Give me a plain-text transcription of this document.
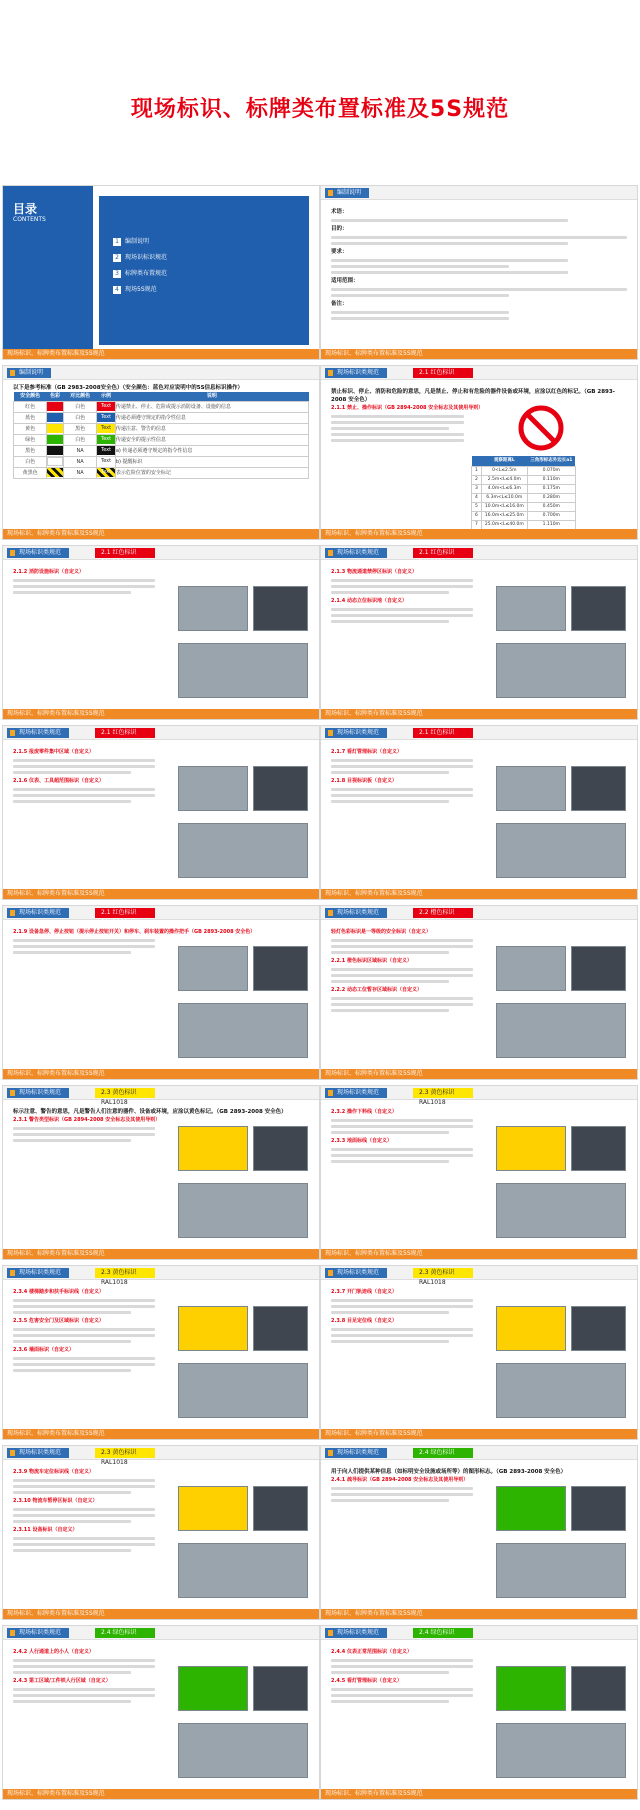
现场标识、标牌类布置标准及5S规范
目录
CONTENTS
1 编制说明
2 现场识标识规范
3 标牌类布置规范
4 现场5S规范
现场标识、标牌类布置标准及5S规范
编制说明
术语：
目的：
要求：
适用范围：
备注：
现场标识、标牌类布置标准及5S规范
编制说明
以下是参考标准（GB 2983-2008安全色）（安全颜色：蓝色对应说明中的5S信息标识操作）
安全颜色	色彩	对比颜色	示例	说明
红色		白色	Text	传递禁止、停止、危险或提示消防设备、设施的信息
蓝色		白色	Text	传递必须遵守规定的指令性信息
黄色		黑色	Text	传递注意、警告的信息
绿色		白色	Text	传递安全的提示性信息
黑色		NA	Text	a) 传递必须遵守规定的指令性信息
白色		NA	Text	b) 提醒标识
黄黑色		NA	Text	表示危险位置的安全标记
现场标识、标牌类布置标准及5S规范
现场标识类规范	2.1 红色标识 RAL3000
禁止标识、停止、消防和危险的意思，凡是禁止、停止和有危险的器件设备或环境，应涂以红色的标记。（GB 2893-2008 安全色）
2.1.1 禁止、操作标识（GB 2894-2008 安全标志及其使用导则）
	观察距离L	三角形标志外边长a1
1	0<L≤2.5m	0.070m
2	2.5m<L≤4.0m	0.110m
3	4.0m<L≤6.3m	0.175m
4	6.3m<L≤10.0m	0.280m
5	10.0m<L≤16.0m	0.450m
6	16.0m<L≤25.0m	0.700m
7	25.0m<L≤40.0m	1.110m
现场标识、标牌类布置标准及5S规范
现场标识类规范	2.1 红色标识 RAL3000
2.1.2 消防设施标识（自定义）
现场标识、标牌类布置标准及5S规范
现场标识类规范	2.1 红色标识 RAL3000
2.1.3 物流通道禁停区标识（自定义）
2.1.4 动态立位标识地（自定义）
现场标识、标牌类布置标准及5S规范
现场标识类规范	2.1 红色标识 RAL3000
2.1.5 报废零件集中区域（自定义）
2.1.6 仪表、工具超范围标识（自定义）
现场标识、标牌类布置标准及5S规范
现场标识类规范	2.1 红色标识 RAL3000
2.1.7 看灯管理标识（自定义）
2.1.8 目视标识板（自定义）
现场标识、标牌类布置标准及5S规范
现场标识类规范	2.1 红色标识 RAL3000
2.1.9 设备急停、停止按钮（提示停止按钮开关）和停车、刹车装置的操作把手（GB 2893-2008 安全色）
现场标识、标牌类布置标准及5S规范
现场标识类规范	2.2 橙色标识 RAL2000
轻灯色彩标识是一等级的安全标识（自定义）
2.2.1 橙色标识区域标识（自定义）
2.2.2 动态工位暂存区域标识（自定义）
现场标识、标牌类布置标准及5S规范
现场标识类规范	2.3 黄色标识 RAL1018
标示注意、警告的意思，凡是警告人们注意的器件、设备或环境，应涂以黄色标记。（GB 2893-2008 安全色）
2.3.1 警告类型标识（GB 2894-2008 安全标志及其使用导则）
现场标识、标牌类布置标准及5S规范
现场标识类规范	2.3 黄色标识 RAL1018
2.3.2 操作下料线（自定义）
2.3.3 地面标线（自定义）
现场标识、标牌类布置标准及5S规范
现场标识类规范	2.3 黄色标识 RAL1018
2.3.4 楼梯踏步和扶手标识线（自定义）
2.3.5 危害安全门及区域标识（自定义）
2.3.6 墙面标识（自定义）
现场标识、标牌类布置标准及5S规范
现场标识类规范	2.3 黄色标识 RAL1018
2.3.7 开门轨迹线（自定义）
2.3.8 目足定位线（自定义）
现场标识、标牌类布置标准及5S规范
现场标识类规范	2.3 黄色标识 RAL1018
2.3.9 物流车定位标识线（自定义）
2.3.10 物流车暂停区标识（自定义）
2.3.11 设备标识（自定义）
现场标识、标牌类布置标准及5S规范
现场标识类规范	2.4 绿色标识 RAL6018
用于向人们提供某种信息（如标明安全设施或场所等）的图形标志。（GB 2893-2008 安全色）
2.4.1 疏导标识（GB 2894-2008 安全标志及其使用导则）
现场标识、标牌类布置标准及5S规范
现场标识类规范	2.4 绿色标识 RAL6018
2.4.2 人行通道上的小人（自定义）
2.4.3 第工区域/工件铁人行区域（自定义）
现场标识、标牌类布置标准及5S规范
现场标识类规范	2.4 绿色标识 RAL6018
2.4.4 仪表正常范围标识（自定义）
2.4.5 看灯管理标识（自定义）
现场标识、标牌类布置标准及5S规范
